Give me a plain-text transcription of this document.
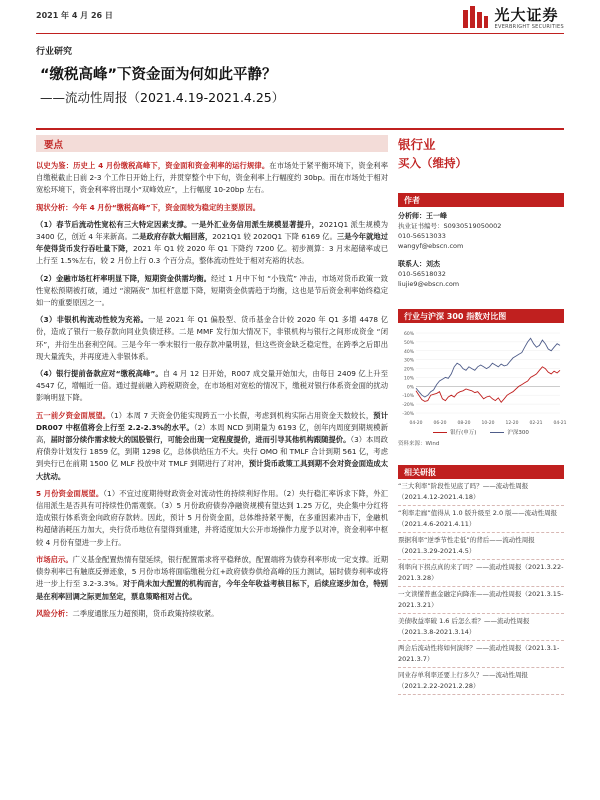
2021 年 4 月 26 日	光大证券
EVERBRIGHT SECURITIES
行业研究
“缴税高峰”下资金面为何如此平静？
——流动性周报（2021.4.19-2021.4.25）
要点

以史为鉴：历史上 4 月份缴税高峰下，资金面和资金利率的运行规律。在市场处于紧平衡环境下，资金利率自缴税截止日前 2-3 个工作日开始上行，并贯穿整个中下旬，资金利率上行幅度约 30bp。而在市场处于相对宽松环境下，资金利率将出现小“双峰效应”，上行幅度 10-20bp 左右。

现状分析：今年 4 月份“缴税高峰”下，资金面较为稳定的主要原因。

（1）春节后流动性宽松有三大特定因素支撑。一是外汇业务信用派生规模显著提升，2021Q1 派生规模为 3400 亿，创近 4 年来新高。二是政府存款大幅回落，2021Q1 较 2020Q1 下降 6169 亿。三是今年就地过年使得货币发行吞吐量下降，2021 年 Q1 较 2020 年 Q1 下降约 7200 亿。初步测算：3 月末超储率或已上行至 1.5%左右，较 2 月份上行 0.3 个百分点，整体流动性处于相对充裕的状态。

（2）金融市场杠杆率明显下降，短期资金供需均衡。经过 1 月中下旬 “小钱荒” 冲击，市场对货币政策一致性宽松预期被打破，通过 “滚隔夜” 加杠杆意愿下降，短期资金供需趋于均衡，这也是节后资金利率始终稳定如一的重要原因之一。

（3）非银机构流动性较为充裕。一是 2021 年 Q1 偏股型、货币基金合计较 2020 年 Q1 多增 4478 亿份，造成了银行一般存款向同业负债迁移。二是 MMF 发行加大情况下，非银机构与银行之间形成资金 “闭环”，并衍生出套利空间。三是今年一季末银行一般存款冲量明显，但这些资金缺乏稳定性，在跨季之后即出现大量流失，并再度进入非银体系。

（4）银行提前备款应对“缴税高峰”。自 4 月 12 日开始，R007 成交量开始加大，由每日 2409 亿上升至 4547 亿，增幅近一倍。通过提前融入跨税期资金，在市场相对宽松的情况下，缴税对银行体系资金面的扰动影响明显下降。

五一前夕资金面展望。（1）本周 7 天资金仍能实现跨五一小长假，考虑到机构实际占用资金天数较长，预计 DR007 中枢值将会上行至 2.2-2.3%的水平。（2）本周 NCD 到期量为 6193 亿，创年内周度到期规模新高，届时部分续作需求较大的国股银行，可能会出现一定程度提价，进而引导其他机构跟随提价。（3）本周政府债券计划发行 1859 亿，到期 1298 亿，总体供给压力不大。央行 OMO 和 TMLF 合计到期 561 亿，考虑到央行已在前期 1500 亿 MLF 投放中对 TMLF 到期进行了对冲，预计货币政策工具到期不会对资金面造成太大扰动。

5 月份资金面展望。（1）不宜过度期待财政资金对流动性的持续利好作用。（2）央行稳汇率诉求下降，外汇信用派生是否具有可持续性仍需观察。（3）5 月份政府债券净融资规模有望达到 1.25 万亿，央企集中分红将造成银行体系资金向政府存款转。因此，预计 5 月份资金面，总体维持紧平衡，在多重因素冲击下，金融机构超储消耗压力加大，央行货币地位有望得到重建，并将适度加大公开市场操作力度予以对冲，资金利率中枢较 4 月份有望进一步上行。

市场启示。广义基金配置热情有望延续，银行配置需求将平稳释放，配置端将为债券利率形成一定支撑。近期债券利率已有触底反弹迹象，5 月份市场将面临缴税分红+政府债券供给高峰的压力测试，届时债券利率或将进一步上行至 3.2-3.3%。对于尚未加大配置的机构而言，今年全年收益考核目标下，后续应逐步加仓，特别是在利率回调之际更加坚定，票息策略相对占优。

风险分析：二季度通胀压力超预期，货币政策持续收紧。

银行业
买入（维持）
作者
分析师：王一峰
执业证书编号：S0930519050002
010-56513033
wangyf@ebscn.com
联系人：刘杰
010-56518032
liujie9@ebscn.com
行业与沪深 300 指数对比图
-30%
-20%
-10%
0%
10%
20%
30%
40%
50%
60%
04-20 06-20 08-20 10-20 12-20 02-21 04-21
银行(申万)	沪深300
资料来源：Wind
相关研报
“三大利率”阶段性见底了吗？——流动性周报（2021.4.12-2021.4.18）
“利率走廊”值得从 1.0 版升级至 2.0 版——流动性周报（2021.4.6-2021.4.11）
票据利率“逆季节性走低”的背后——流动性周报（2021.3.29-2021.4.5）
利率向下拐点真的来了吗？——流动性周报（2021.3.22-2021.3.28）
一文读懂普惠金融定向降准——流动性周报（2021.3.15-2021.3.21）
美债收益率破 1.6 后怎么看？——流动性周报（2021.3.8-2021.3.14）
两会后流动性将如何演绎？——流动性周报（2021.3.1-2021.3.7）
同业存单利率还要上行多久？——流动性周报（2021.2.22-2021.2.28）
